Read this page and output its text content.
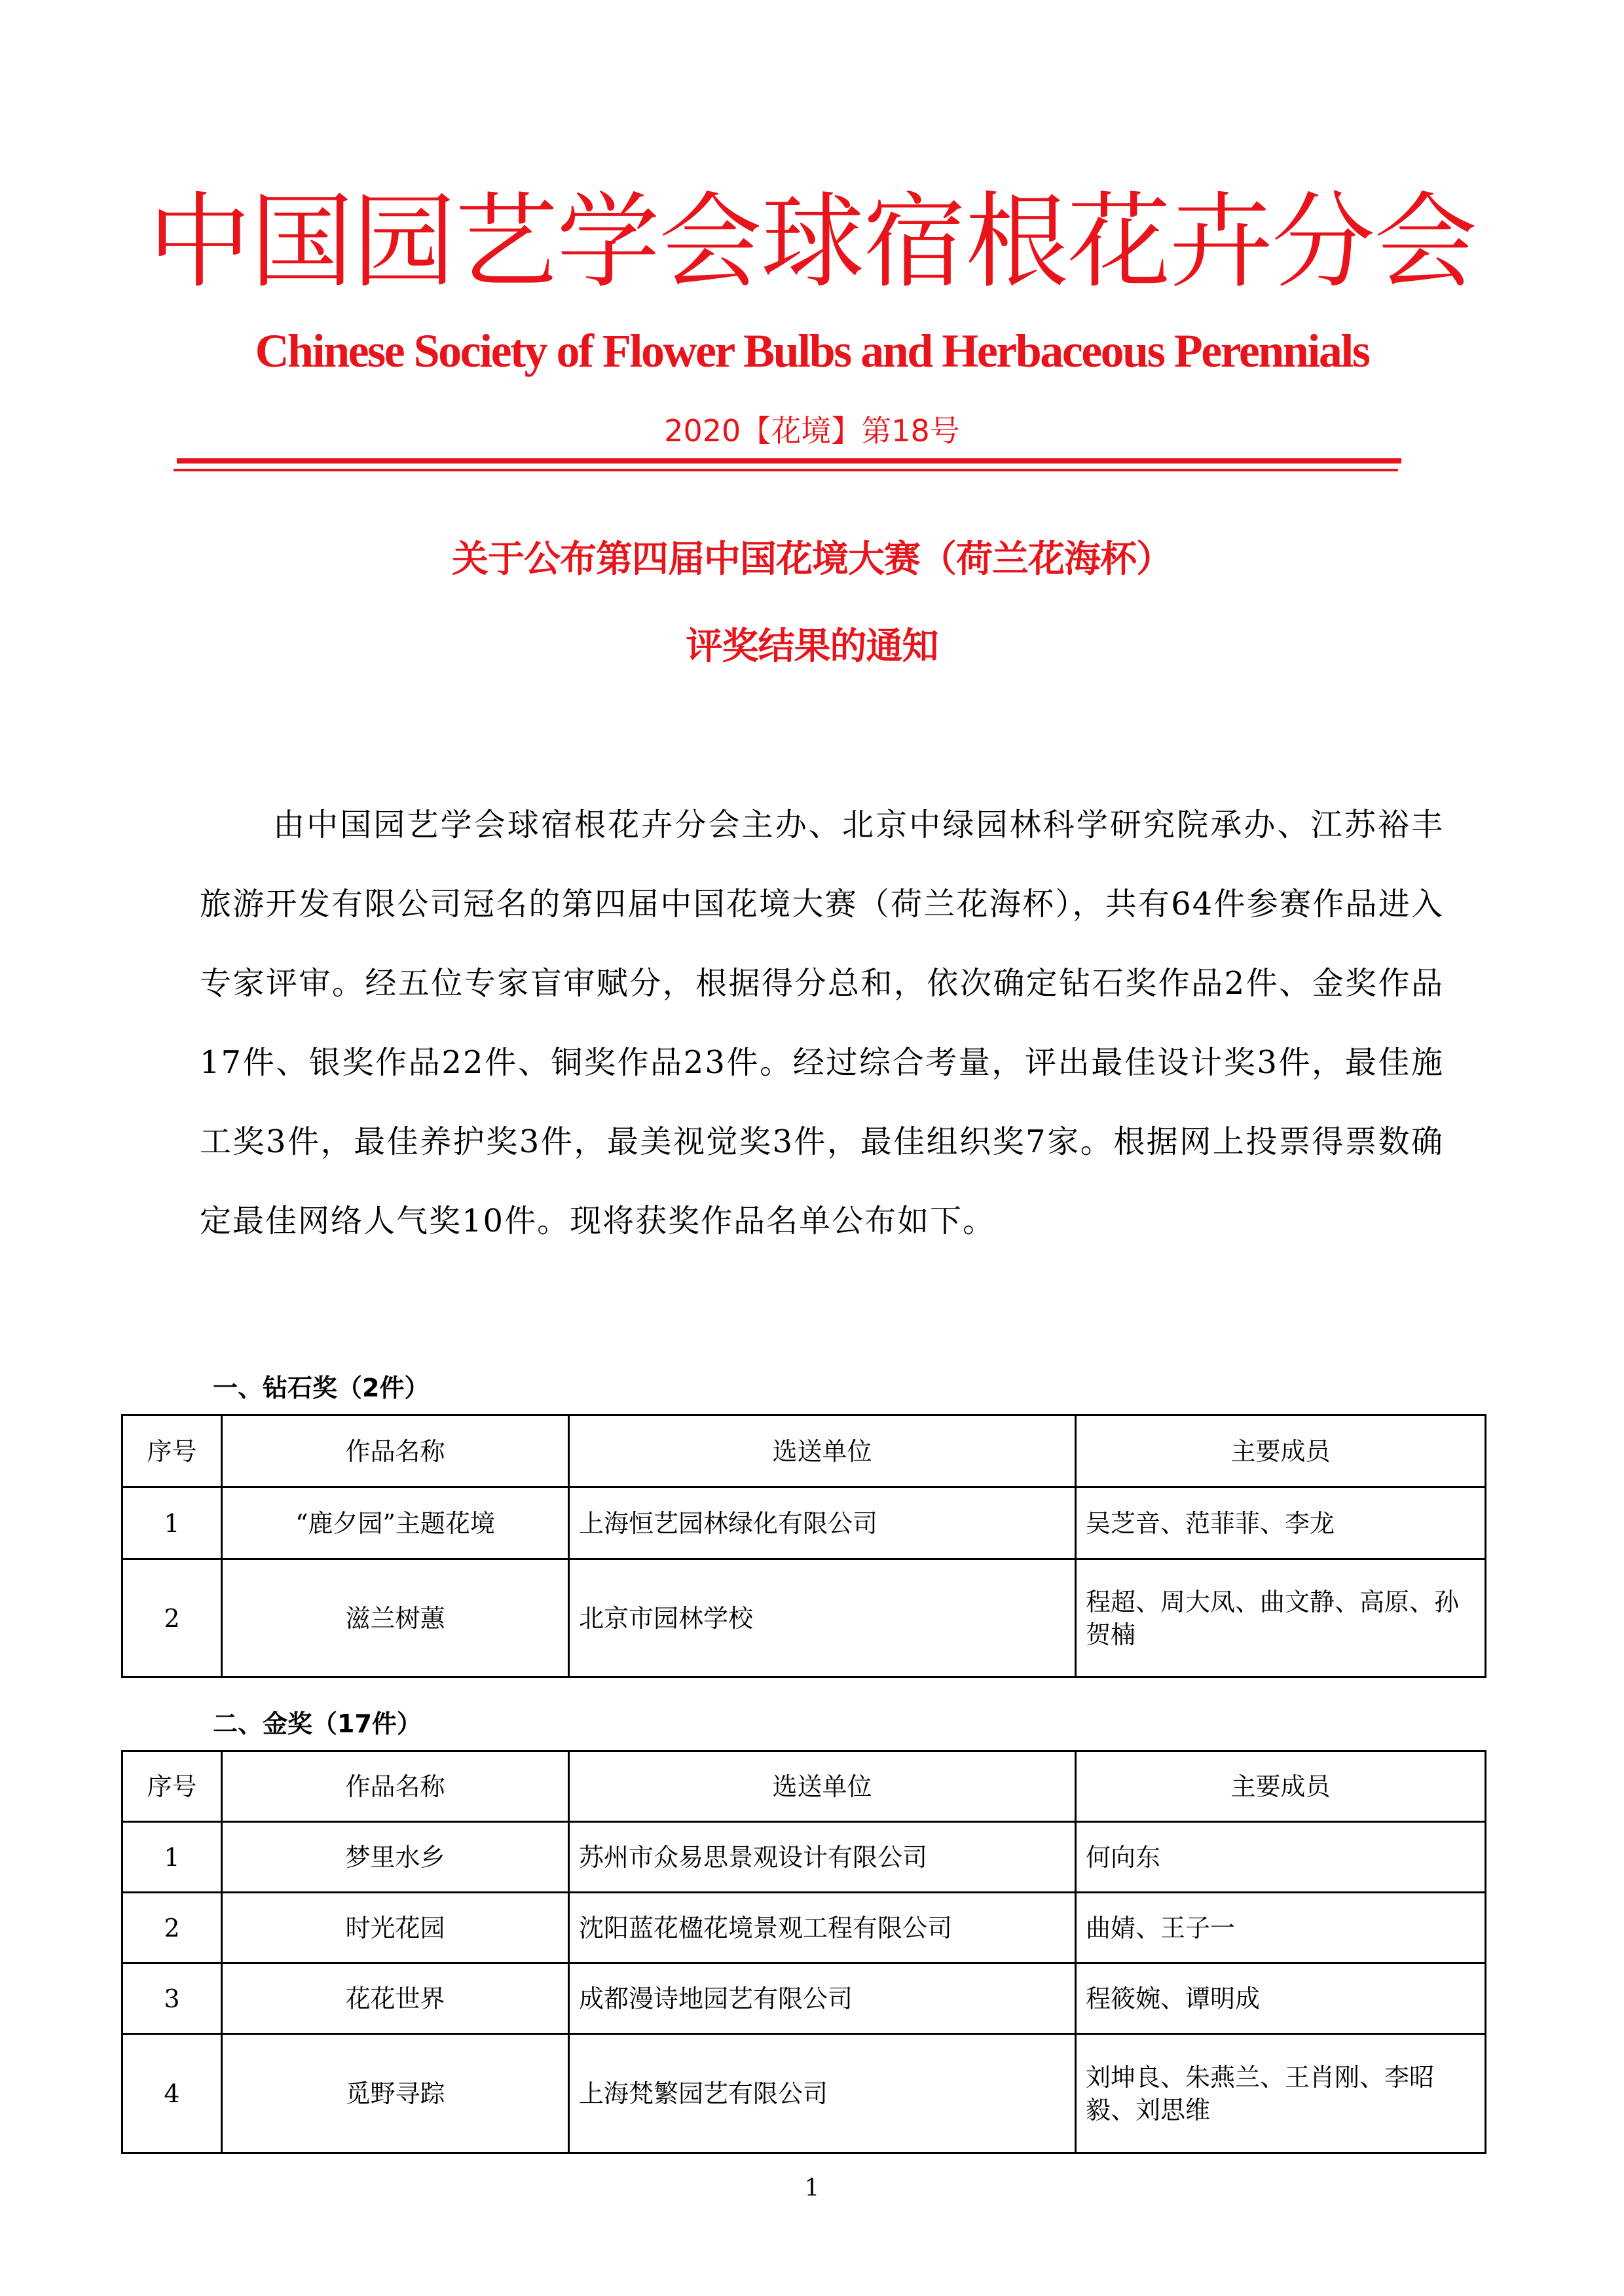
中国园艺学会球宿根花卉分会
Chinese Society of Flower Bulbs and Herbaceous Perennials
2020【花境】第18号
关于公布第四届中国花境大赛（荷兰花海杯）
评奖结果的通知

由中国园艺学会球宿根花卉分会主办、北京中绿园林科学研究院承办、江苏裕丰旅游开发有限公司冠名的第四届中国花境大赛（荷兰花海杯），共有64件参赛作品进入专家评审。经五位专家盲审赋分，根据得分总和，依次确定钻石奖作品2件、金奖作品17件、银奖作品22件、铜奖作品23件。经过综合考量，评出最佳设计奖3件，最佳施工奖3件，最佳养护奖3件，最美视觉奖3件，最佳组织奖7家。根据网上投票得票数确定最佳网络人气奖10件。现将获奖作品名单公布如下。

一、钻石奖（2件）
序号	作品名称	选送单位	主要成员
1	“鹿夕园”主题花境	上海恒艺园林绿化有限公司	吴芝音、范菲菲、李龙
2	滋兰树蕙	北京市园林学校	程超、周大凤、曲文静、高原、孙贺楠
二、金奖（17件）
序号	作品名称	选送单位	主要成员
1	梦里水乡	苏州市众易思景观设计有限公司	何向东
2	时光花园	沈阳蓝花楹花境景观工程有限公司	曲婧、王子一
3	花花世界	成都漫诗地园艺有限公司	程筱婉、谭明成
4	觅野寻踪	上海梵繁园艺有限公司	刘坤良、朱燕兰、王肖刚、李昭毅、刘思维
1
